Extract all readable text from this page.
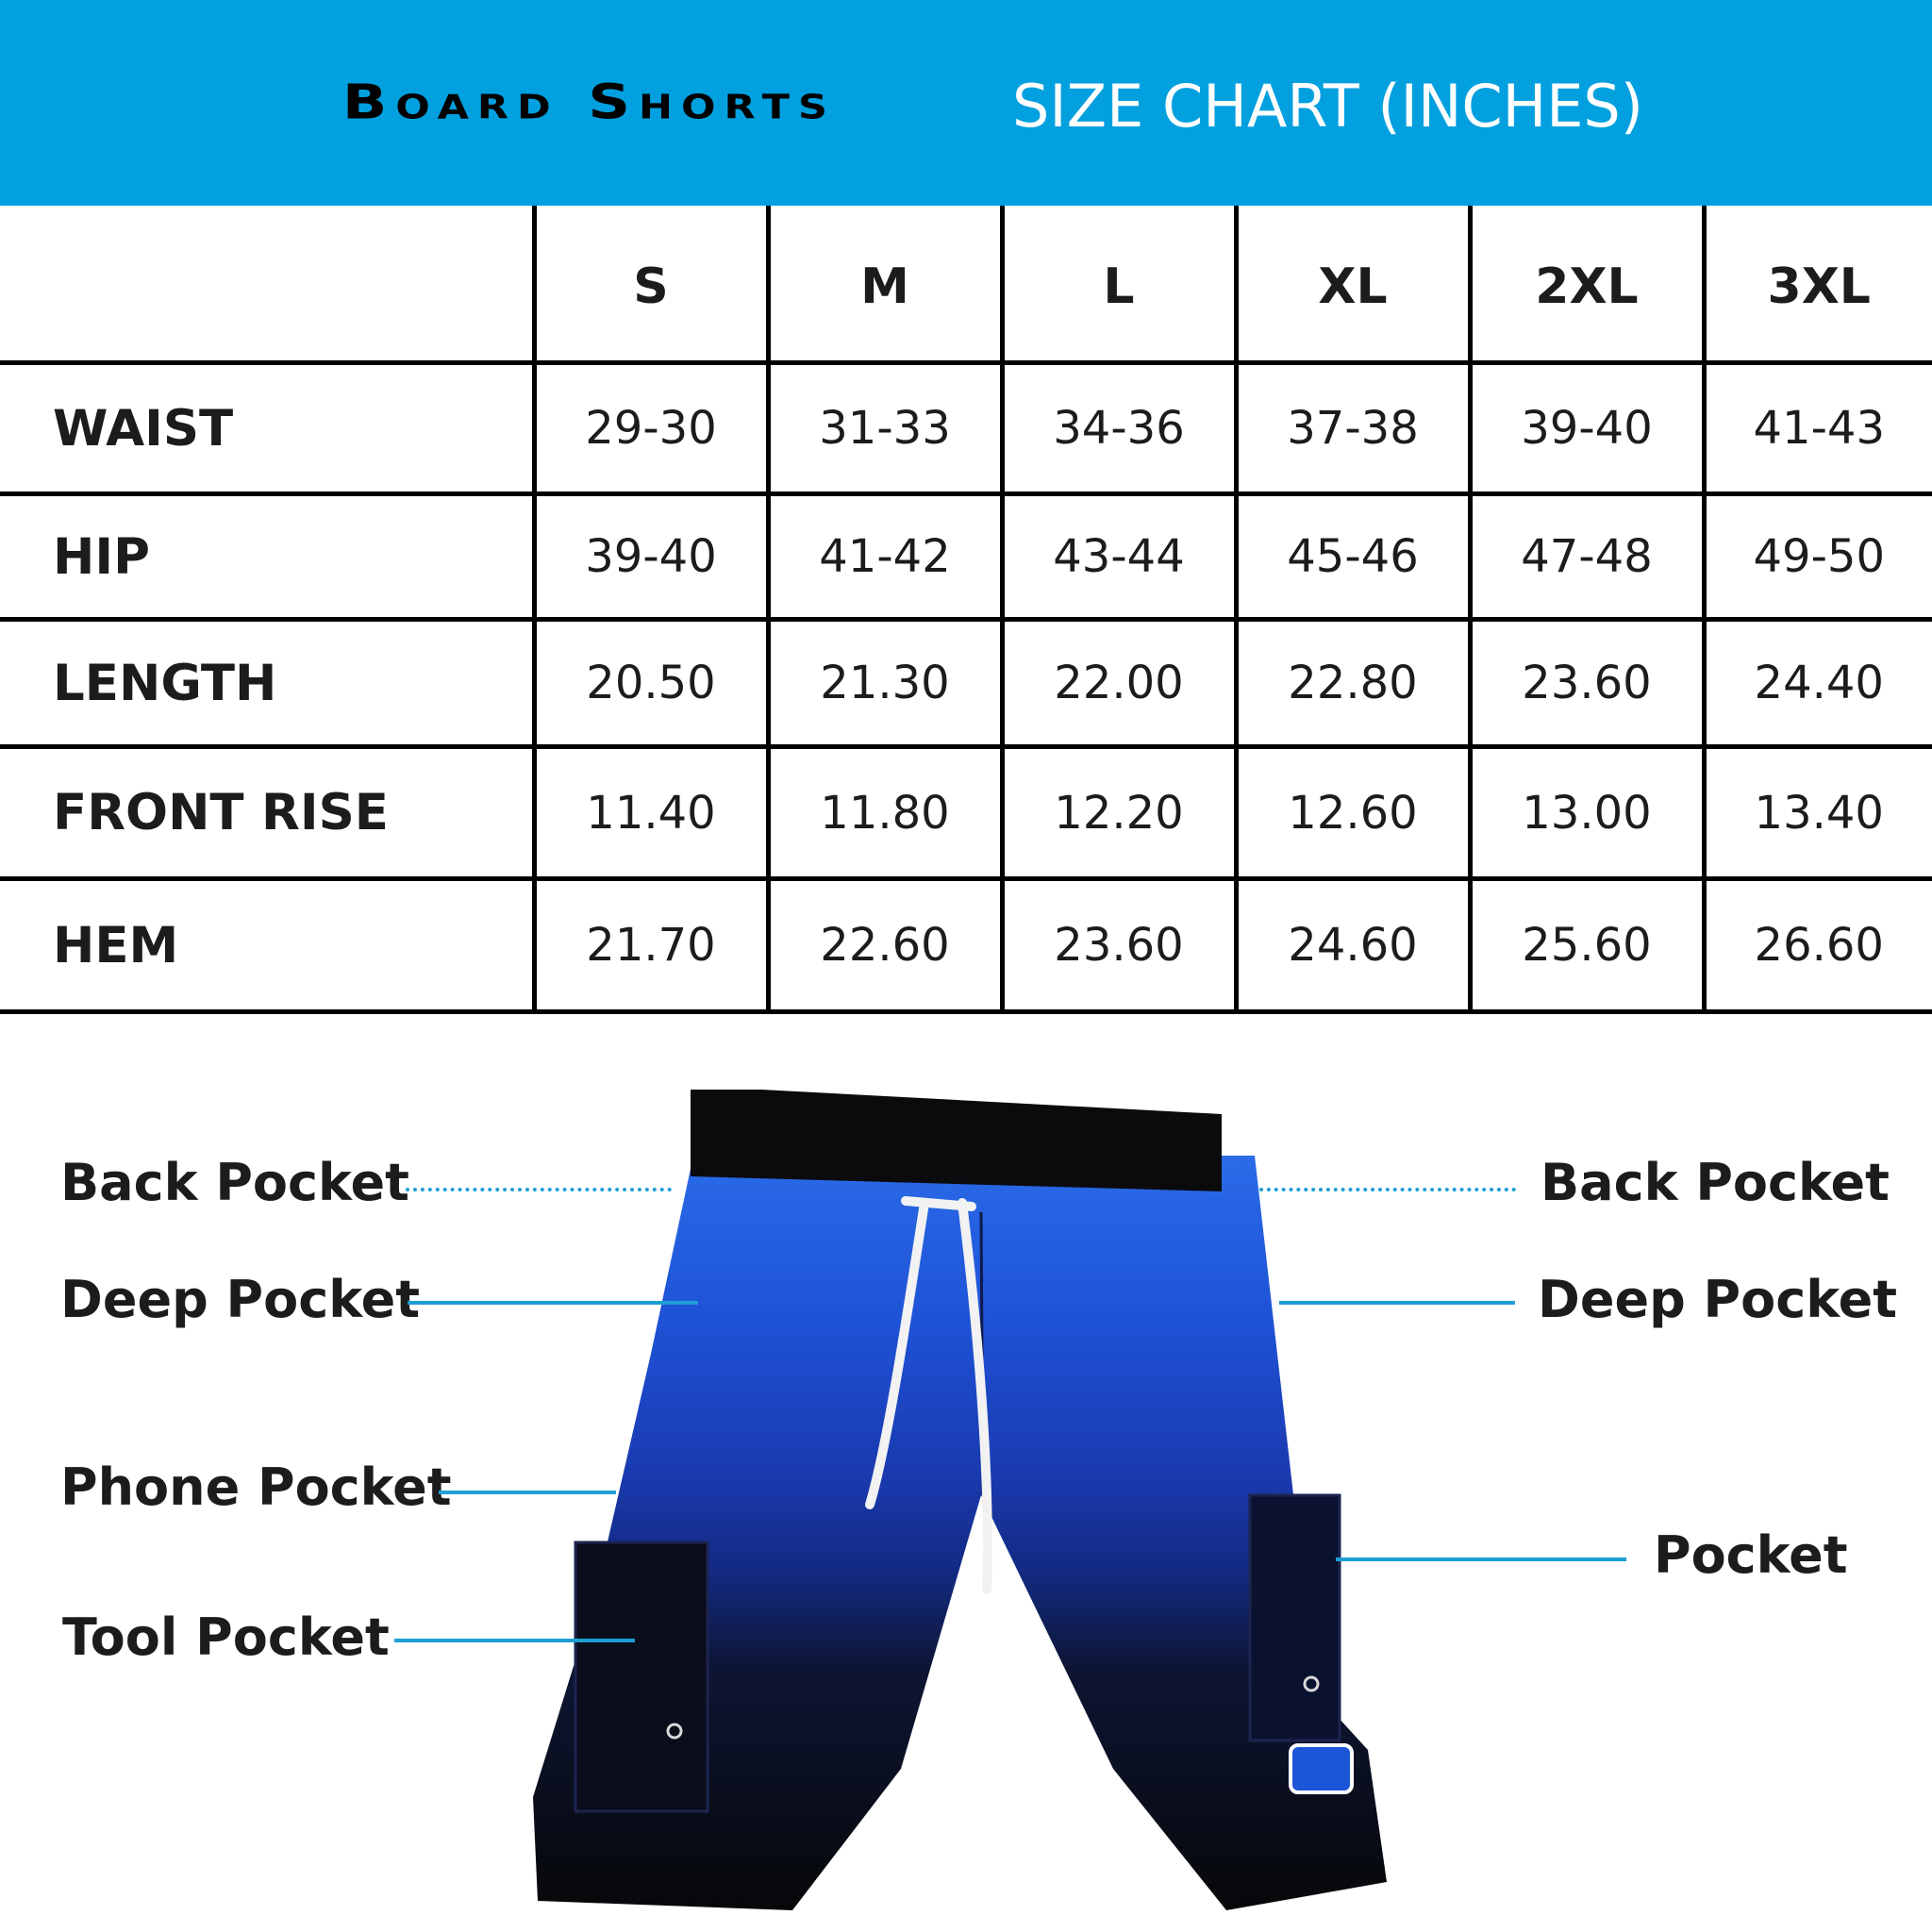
Board Shorts	SIZE CHART (INCHES)
	S	M	L	XL	2XL	3XL
WAIST	29-30	31-33	34-36	37-38	39-40	41-43
HIP	39-40	41-42	43-44	45-46	47-48	49-50
LENGTH	20.50	21.30	22.00	22.80	23.60	24.40
FRONT RISE	11.40	11.80	12.20	12.60	13.00	13.40
HEM	21.70	22.60	23.60	24.60	25.60	26.60
Back Pocket
Deep Pocket
Phone Pocket
Tool Pocket
Back Pocket
Deep Pocket
Pocket
